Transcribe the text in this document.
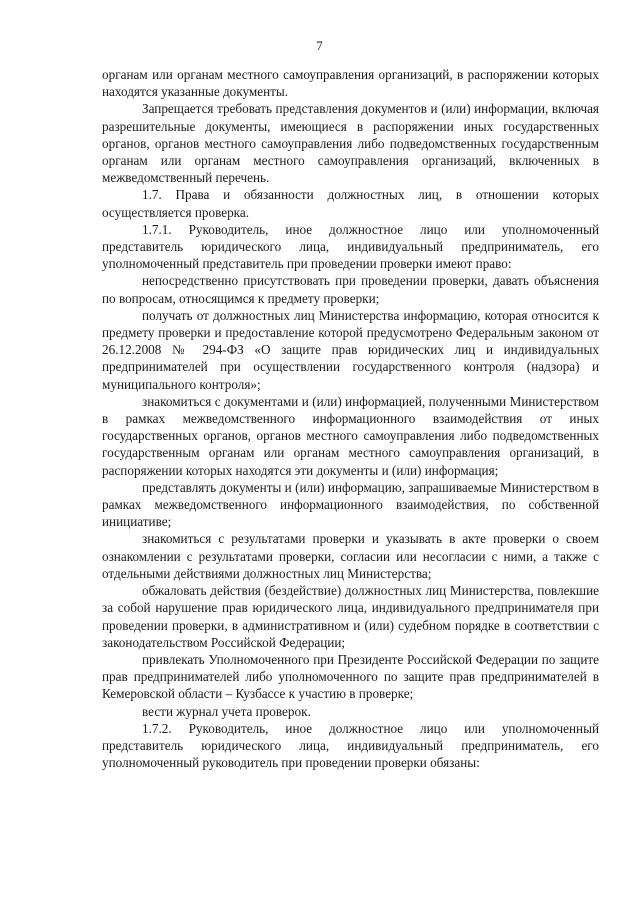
7

органам или органам местного самоуправления организаций, в распоряжении которых находятся указанные документы.

Запрещается требовать представления документов и (или) информации, включая разрешительные документы, имеющиеся в распоряжении иных государственных органов, органов местного самоуправления либо подведомственных государственным органам или органам местного самоуправления организаций, включенных в межведомственный перечень.

1.7. Права и обязанности должностных лиц, в отношении которых осуществляется проверка.

1.7.1. Руководитель, иное должностное лицо или уполномоченный представитель юридического лица, индивидуальный предприниматель, его уполномоченный представитель при проведении проверки имеют право:

непосредственно присутствовать при проведении проверки, давать объяснения по вопросам, относящимся к предмету проверки;

получать от должностных лиц Министерства информацию, которая относится к предмету проверки и предоставление которой предусмотрено Федеральным законом от 26.12.2008 № 294-ФЗ «О защите прав юридических лиц и индивидуальных предпринимателей при осуществлении государственного контроля (надзора) и муниципального контроля»;

знакомиться с документами и (или) информацией, полученными Министерством в рамках межведомственного информационного взаимодействия от иных государственных органов, органов местного самоуправления либо подведомственных государственным органам или органам местного самоуправления организаций, в распоряжении которых находятся эти документы и (или) информация;

представлять документы и (или) информацию, запрашиваемые Министерством в рамках межведомственного информационного взаимодействия, по собственной инициативе;

знакомиться с результатами проверки и указывать в акте проверки о своем ознакомлении с результатами проверки, согласии или несогласии с ними, а также с отдельными действиями должностных лиц Министерства;

обжаловать действия (бездействие) должностных лиц Министерства, повлекшие за собой нарушение прав юридического лица, индивидуального предпринимателя при проведении проверки, в административном и (или) судебном порядке в соответствии с законодательством Российской Федерации;

привлекать Уполномоченного при Президенте Российской Федерации по защите прав предпринимателей либо уполномоченного по защите прав предпринимателей в Кемеровской области – Кузбассе к участию в проверке;

вести журнал учета проверок.

1.7.2. Руководитель, иное должностное лицо или уполномоченный представитель юридического лица, индивидуальный предприниматель, его уполномоченный руководитель при проведении проверки обязаны:
